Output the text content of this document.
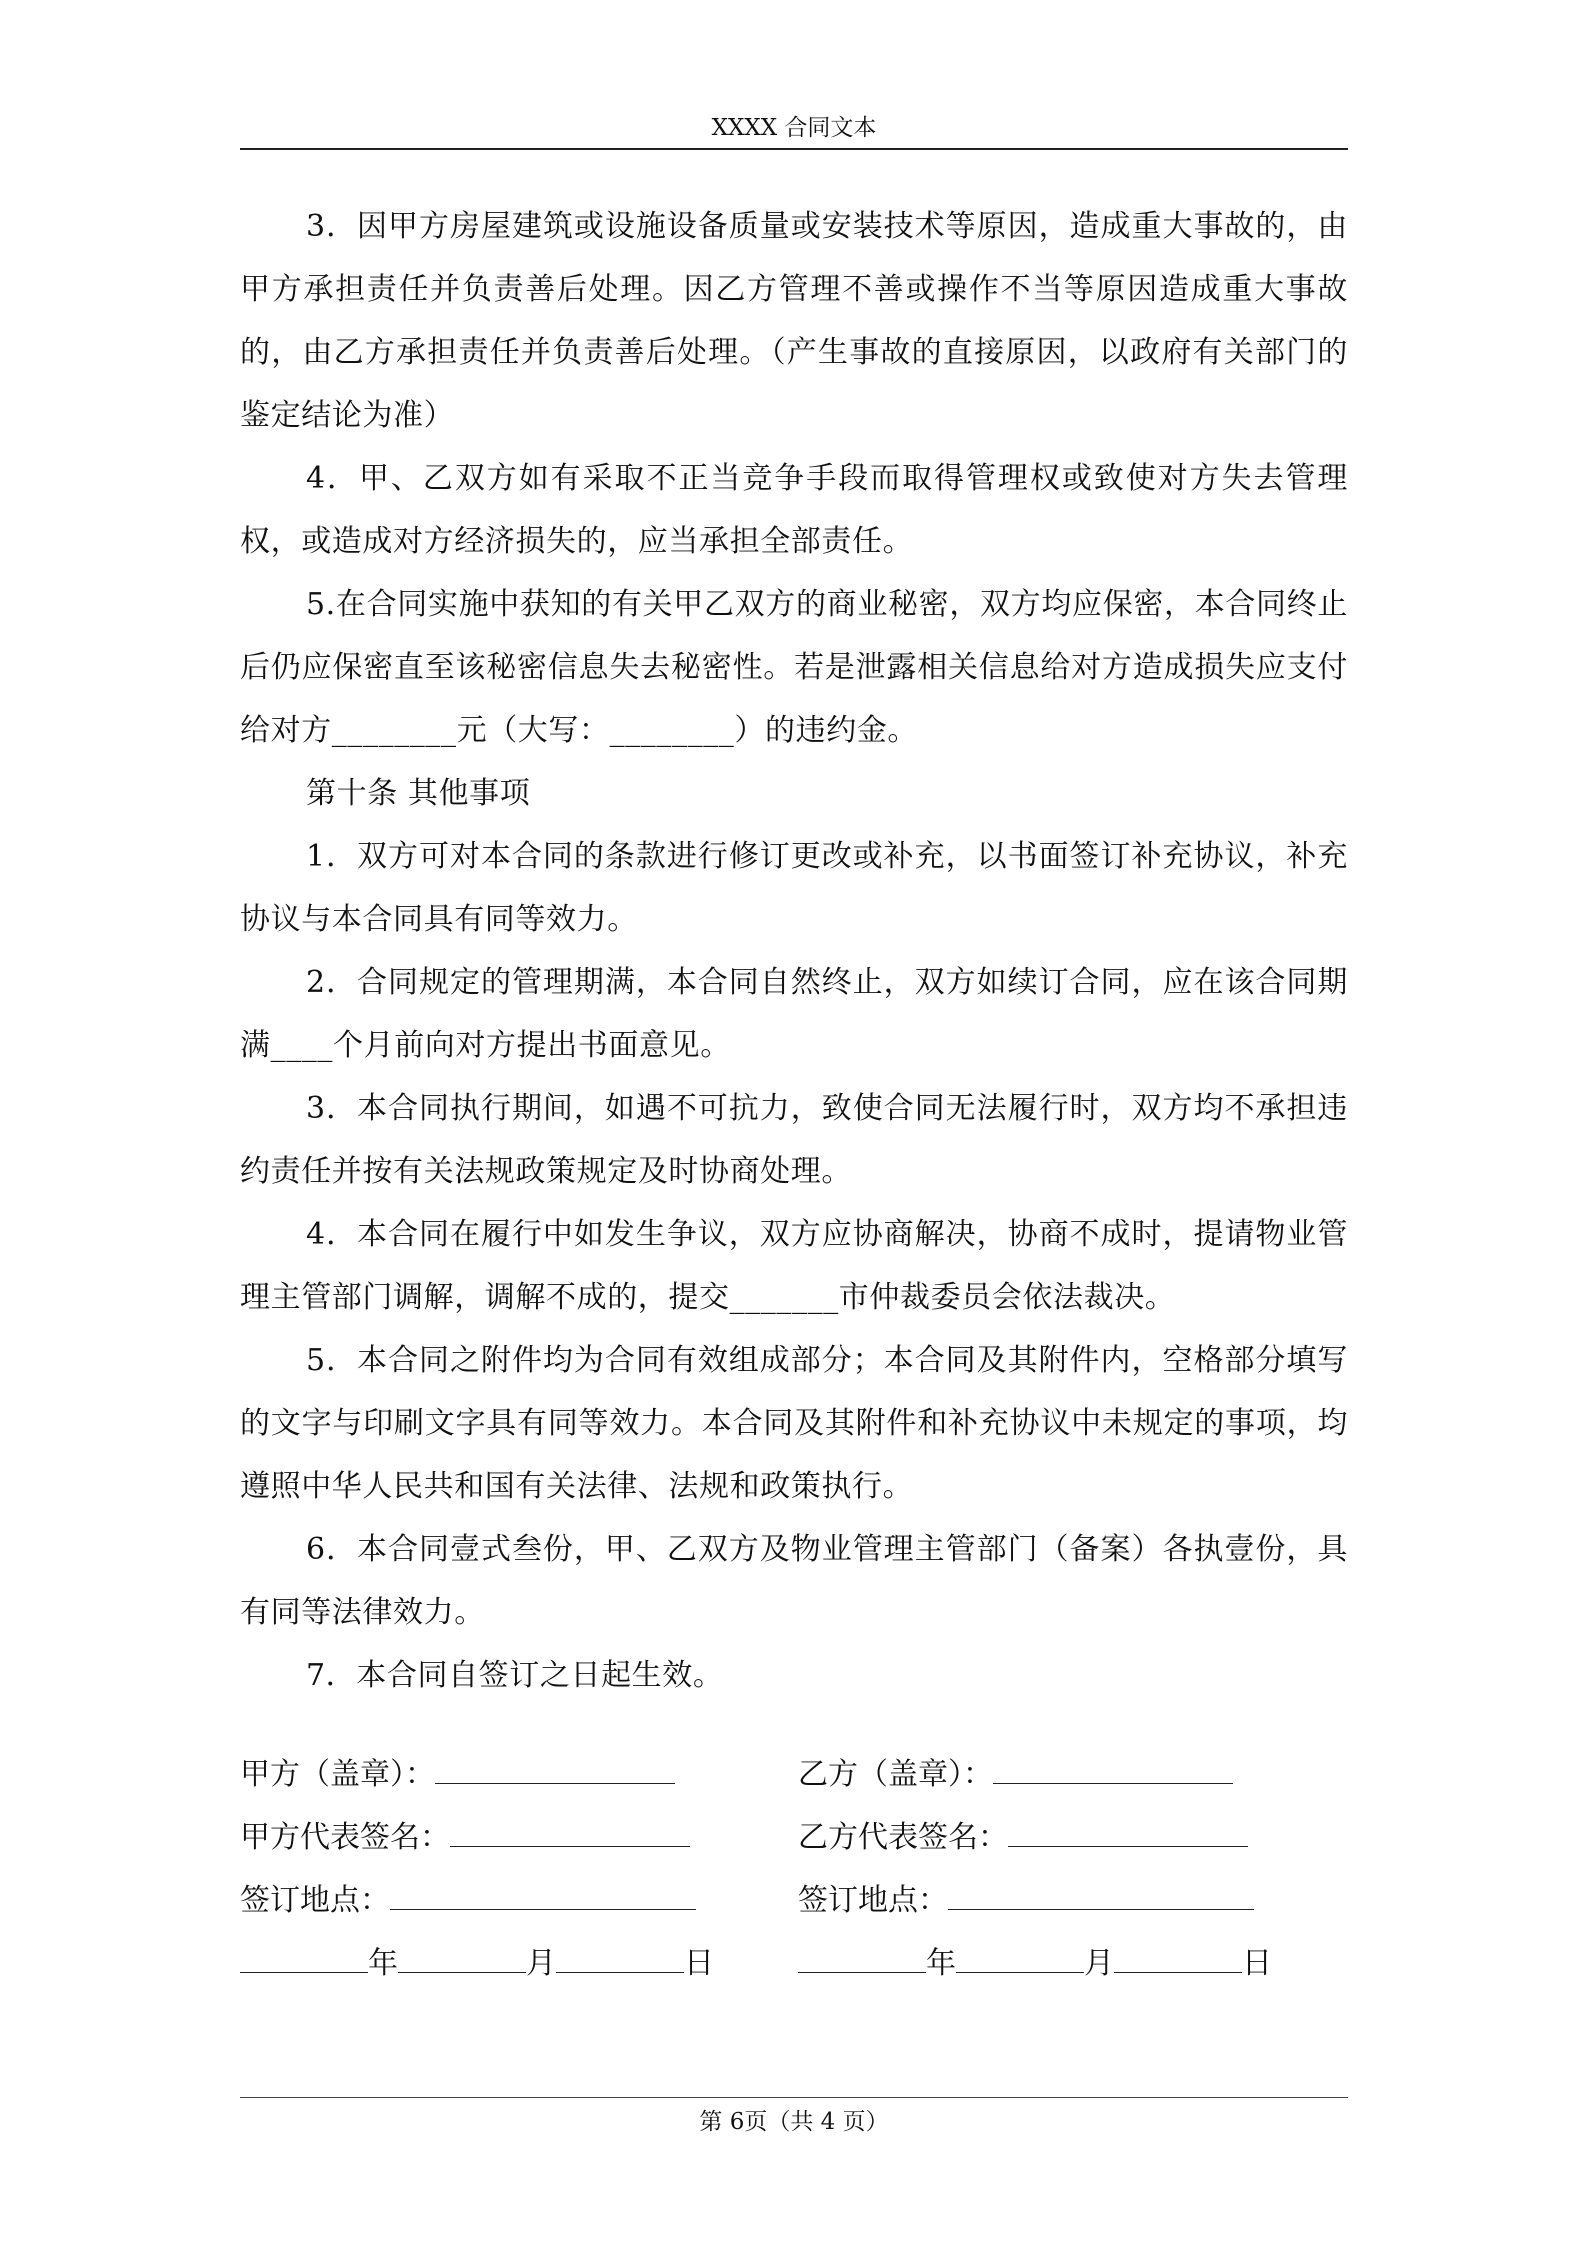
XXXX 合同文本

3．因甲方房屋建筑或设施设备质量或安装技术等原因，造成重大事故的，由甲方承担责任并负责善后处理。因乙方管理不善或操作不当等原因造成重大事故的，由乙方承担责任并负责善后处理。（产生事故的直接原因，以政府有关部门的鉴定结论为准）

4．甲、乙双方如有采取不正当竞争手段而取得管理权或致使对方失去管理权，或造成对方经济损失的，应当承担全部责任。

5.在合同实施中获知的有关甲乙双方的商业秘密，双方均应保密，本合同终止后仍应保密直至该秘密信息失去秘密性。若是泄露相关信息给对方造成损失应支付给对方________元（大写：________）的违约金。

第十条 其他事项

1．双方可对本合同的条款进行修订更改或补充，以书面签订补充协议，补充协议与本合同具有同等效力。

2．合同规定的管理期满，本合同自然终止，双方如续订合同，应在该合同期满____个月前向对方提出书面意见。

3．本合同执行期间，如遇不可抗力，致使合同无法履行时，双方均不承担违约责任并按有关法规政策规定及时协商处理。

4．本合同在履行中如发生争议，双方应协商解决，协商不成时，提请物业管理主管部门调解，调解不成的，提交_______市仲裁委员会依法裁决。

5．本合同之附件均为合同有效组成部分；本合同及其附件内，空格部分填写的文字与印刷文字具有同等效力。本合同及其附件和补充协议中未规定的事项，均遵照中华人民共和国有关法律、法规和政策执行。

6．本合同壹式叁份，甲、乙双方及物业管理主管部门（备案）各执壹份，具有同等法律效力。

7．本合同自签订之日起生效。

甲方（盖章）：	乙方（盖章）：
甲方代表签名：	乙方代表签名：
签订地点：	签订地点：
年	月	日	年	月	日
第 6页（共 4 页）
